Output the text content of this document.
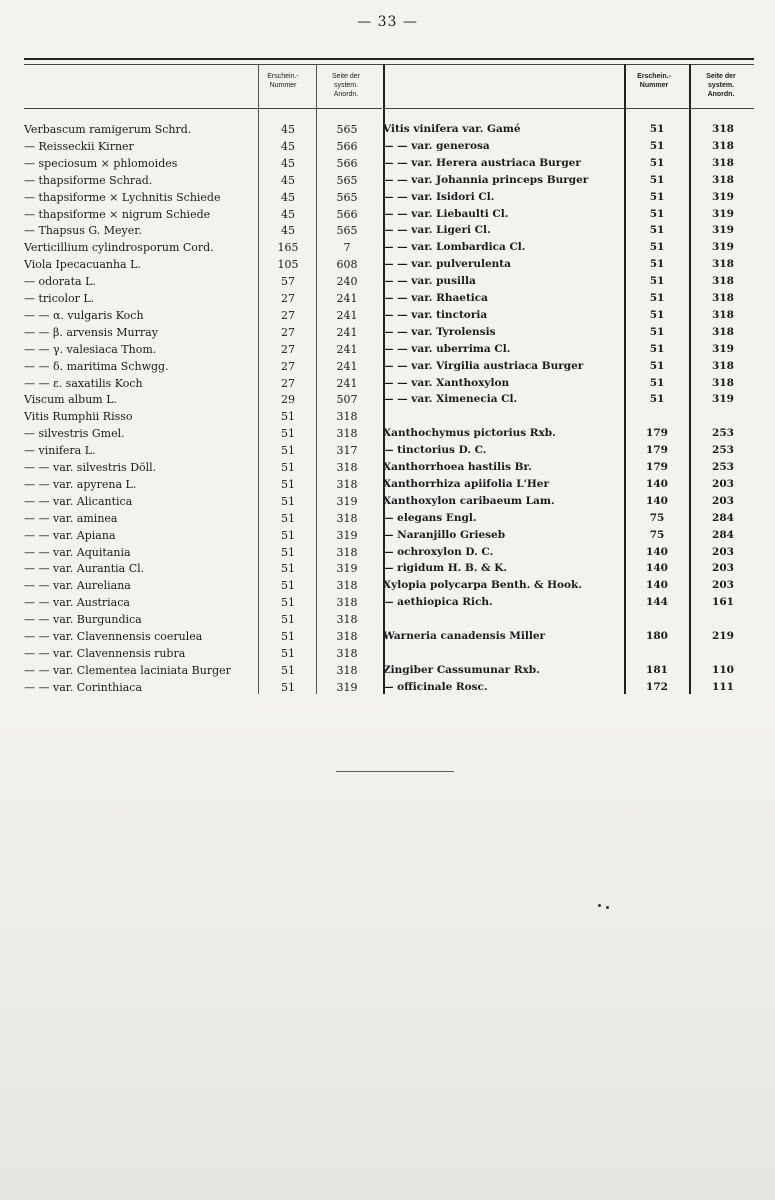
— 33 —
Erschein.-
Nummer
Seite der
system.
Anordn.
Verbascum ramigerum Schrd.	45	565
— Reisseckii Kirner	45	566
— speciosum × phlomoides	45	566
— thapsiforme Schrad.	45	565
— thapsiforme × Lychnitis Schiede	45	565
— thapsiforme × nigrum Schiede	45	566
— Thapsus G. Meyer.	45	565
Verticillium cylindrosporum Cord.	165	7
Viola Ipecacuanha L.	105	608
— odorata L.	57	240
— tricolor L.	27	241
— — α. vulgaris Koch	27	241
— — β. arvensis Murray	27	241
— — γ. valesiaca Thom.	27	241
— — δ. maritima Schwgg.	27	241
— — ε. saxatilis Koch	27	241
Viscum album L.	29	507
Vitis Rumphii Risso	51	318
— silvestris Gmel.	51	318
— vinifera L.	51	317
— — var. silvestris Döll.	51	318
— — var. apyrena L.	51	318
— — var. Alicantica	51	319
— — var. aminea	51	318
— — var. Apiana	51	319
— — var. Aquitania	51	318
— — var. Aurantia Cl.	51	319
— — var. Aureliana	51	318
— — var. Austriaca	51	318
— — var. Burgundica	51	318
— — var. Clavennensis coerulea	51	318
— — var. Clavennensis rubra	51	318
— — var. Clementea laciniata Burger	51	318
— — var. Corinthiaca	51	319
Erschein.-
Nummer
Seite der
system.
Anordn.
Vitis vinifera var. Gamé	51	318
— — var. generosa	51	318
— — var. Herera austriaca Burger	51	318
— — var. Johannia princeps Burger	51	318
— — var. Isidori Cl.	51	319
— — var. Liebaulti Cl.	51	319
— — var. Ligeri Cl.	51	319
— — var. Lombardica Cl.	51	319
— — var. pulverulenta	51	318
— — var. pusilla	51	318
— — var. Rhaetica	51	318
— — var. tinctoria	51	318
— — var. Tyrolensis	51	318
— — var. uberrima Cl.	51	319
— — var. Virgilia austriaca Burger	51	318
— — var. Xanthoxylon	51	318
— — var. Ximenecia Cl.	51	319
Xanthochymus pictorius Rxb.	179	253
— tinctorius D. C.	179	253
Xanthorrhoea hastilis Br.	179	253
Xanthorrhiza apiifolia L'Her	140	203
Xanthoxylon caribaeum Lam.	140	203
— elegans Engl.	75	284
— Naranjillo Grieseb	75	284
— ochroxylon D. C.	140	203
— rigidum H. B. & K.	140	203
Xylopia polycarpa Benth. & Hook.	140	203
— aethiopica Rich.	144	161
Warneria canadensis Miller	180	219
Zingiber Cassumunar Rxb.	181	110
— officinale Rosc.	172	111
